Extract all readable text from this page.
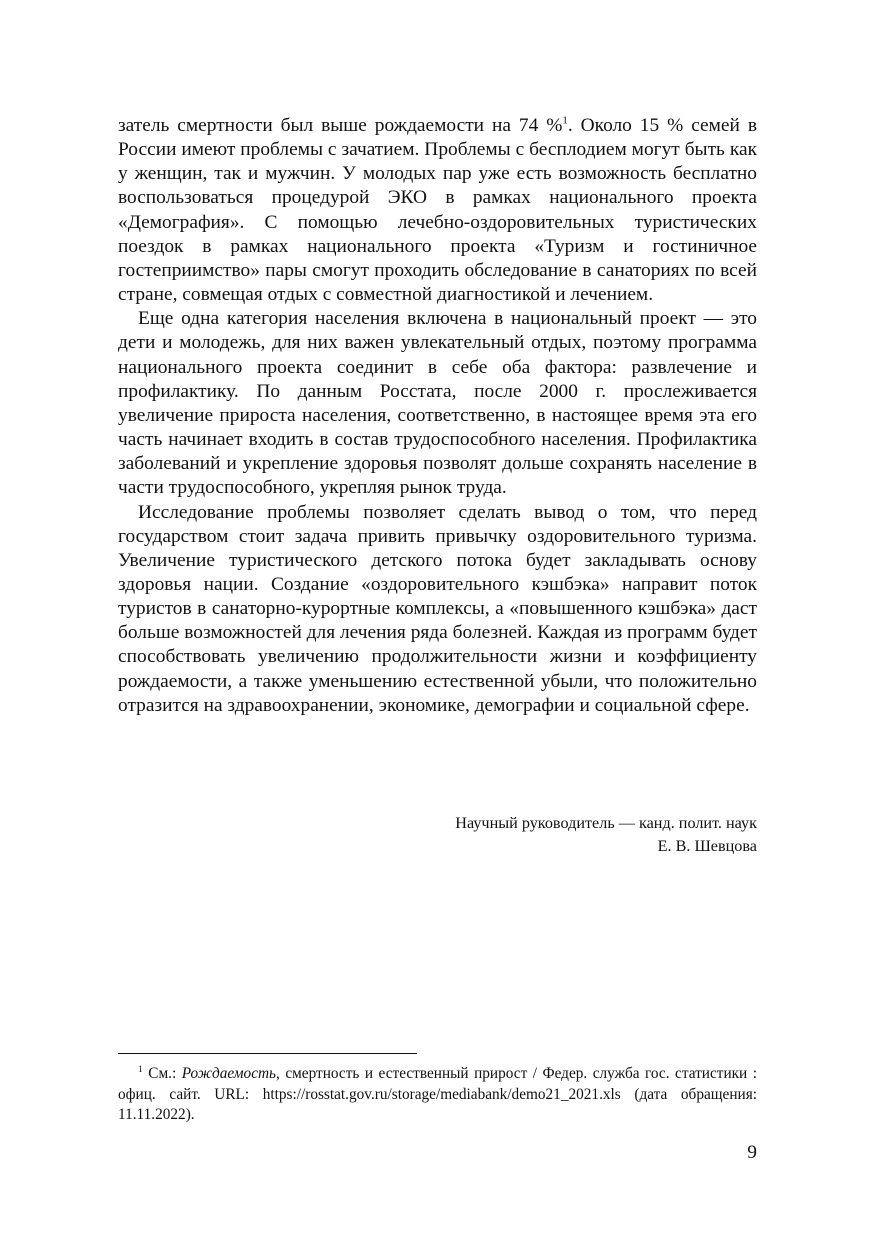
затель смертности был выше рождаемости на 74 %$^1$. Около 15 % семей в России имеют проблемы с зачатием. Проблемы с бесплодием могут быть как у женщин, так и мужчин. У молодых пар уже есть возможность бесплатно воспользоваться процедурой ЭКО в рамках национального проекта «Демография». С помощью лечебно-оздоровительных туристических поездок в рамках национального проекта «Туризм и гостиничное гостеприимство» пары смогут проходить обследование в санаториях по всей стране, совмещая отдых с совместной диагностикой и лечением.

Еще одна категория населения включена в национальный проект — это дети и молодежь, для них важен увлекательный отдых, поэтому программа национального проекта соединит в себе оба фактора: развлечение и профилактику. По данным Росстата, после 2000 г. прослеживается увеличение прироста населения, соответственно, в настоящее время эта его часть начинает входить в состав трудоспособного населения. Профилактика заболеваний и укрепление здоровья позволят дольше сохранять население в части трудоспособного, укрепляя рынок труда.

Исследование проблемы позволяет сделать вывод о том, что перед государством стоит задача привить привычку оздоровительного туризма. Увеличение туристического детского потока будет закладывать основу здоровья нации. Создание «оздоровительного кэшбэка» направит поток туристов в санаторно-курортные комплексы, а «повышенного кэшбэка» даст больше возможностей для лечения ряда болезней. Каждая из программ будет способствовать увеличению продолжительности жизни и коэффициенту рождаемости, а также уменьшению естественной убыли, что положительно отразится на здравоохранении, экономике, демографии и социальной сфере.

Научный руководитель — канд. полит. наук
Е. В. Шевцова

$^1$ См.: Рождаемость, смертность и естественный прирост / Федер. служба гос. статистики : офиц. сайт. URL: https://rosstat.gov.ru/storage/mediabank/demo21_2021.xls (дата обращения: 11.11.2022).

9
